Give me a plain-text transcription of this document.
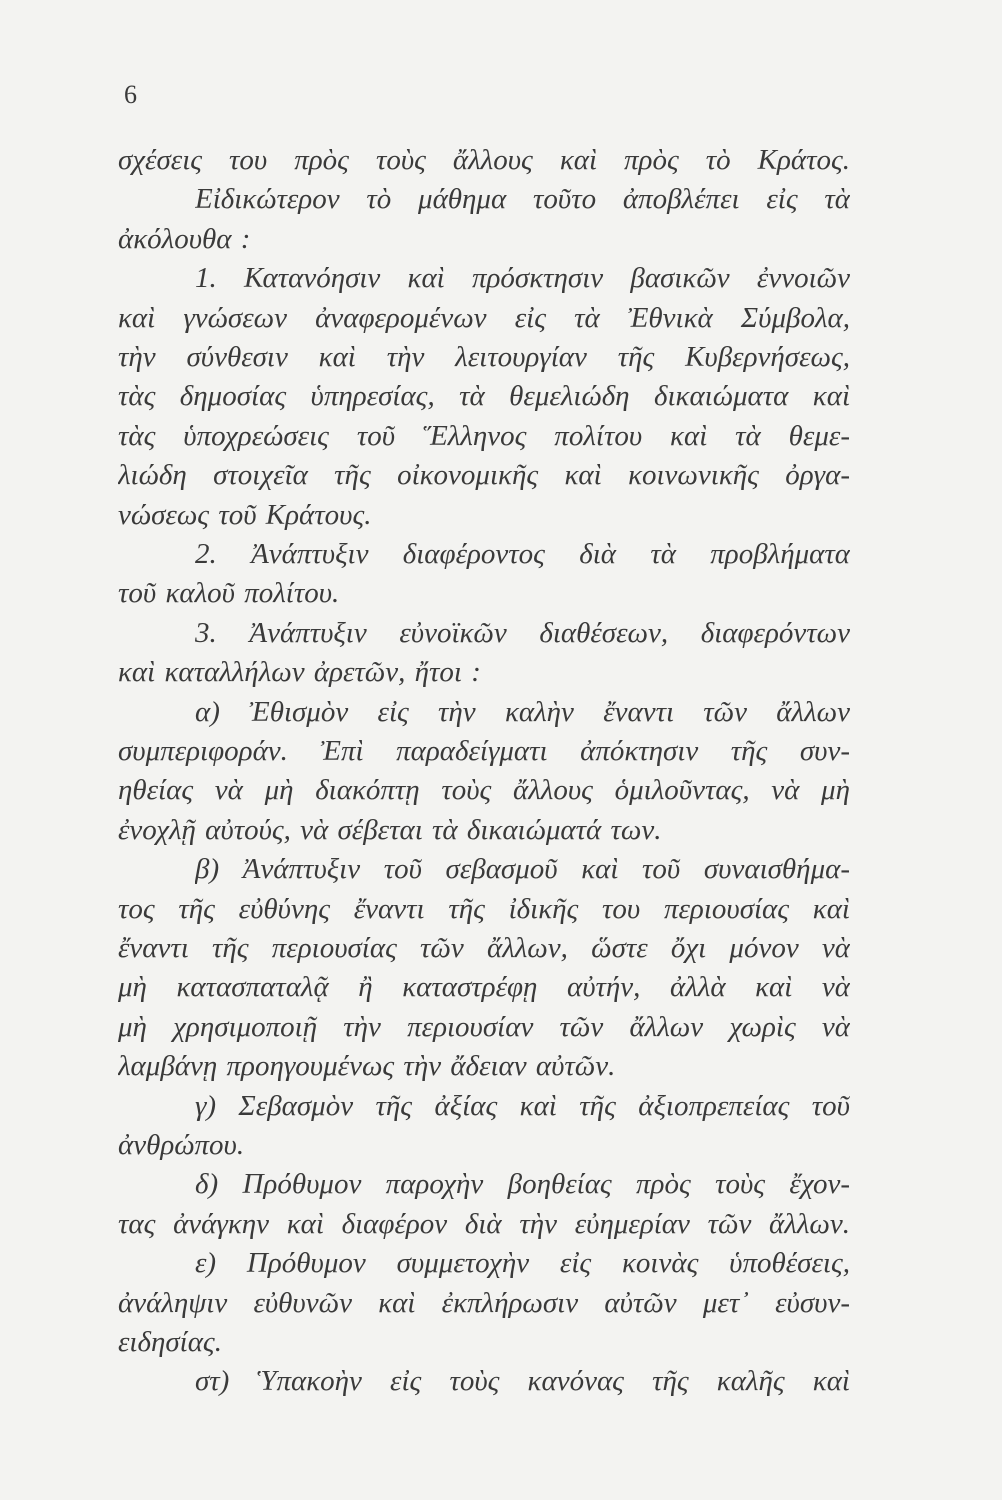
6
σχέσεις του πρὸς τοὺς ἄλλους καὶ πρὸς τὸ Κράτος.
Εἰδικώτερον τὸ μάθημα τοῦτο ἀποβλέπει εἰς τὰ
ἀκόλουθα :
1. Κατανόησιν καὶ πρόσκτησιν βασικῶν ἐννοιῶν
καὶ γνώσεων ἀναφερομένων εἰς τὰ Ἐθνικὰ Σύμβολα,
τὴν σύνθεσιν καὶ τὴν λειτουργίαν τῆς Κυβερνήσεως,
τὰς δημοσίας ὑπηρεσίας, τὰ θεμελιώδη δικαιώματα καὶ
τὰς ὑποχρεώσεις τοῦ Ἕλληνος πολίτου καὶ τὰ θεμε-
λιώδη στοιχεῖα τῆς οἰκονομικῆς καὶ κοινωνικῆς ὀργα-
νώσεως τοῦ Κράτους.
2. Ἀνάπτυξιν διαφέροντος διὰ τὰ προβλήματα
τοῦ καλοῦ πολίτου.
3. Ἀνάπτυξιν εὐνοϊκῶν διαθέσεων, διαφερόντων
καὶ καταλλήλων ἀρετῶν, ἤτοι :
α) Ἐθισμὸν εἰς τὴν καλὴν ἔναντι τῶν ἄλλων
συμπεριφοράν. Ἐπὶ παραδείγματι ἀπόκτησιν τῆς συν-
ηθείας νὰ μὴ διακόπτῃ τοὺς ἄλλους ὁμιλοῦντας, νὰ μὴ
ἐνοχλῇ αὐτούς, νὰ σέβεται τὰ δικαιώματά των.
β) Ἀνάπτυξιν τοῦ σεβασμοῦ καὶ τοῦ συναισθήμα-
τος τῆς εὐθύνης ἔναντι τῆς ἰδικῆς του περιουσίας καὶ
ἔναντι τῆς περιουσίας τῶν ἄλλων, ὥστε ὄχι μόνον νὰ
μὴ κατασπαταλᾷ ἢ καταστρέφῃ αὐτήν, ἀλλὰ καὶ νὰ
μὴ χρησιμοποιῇ τὴν περιουσίαν τῶν ἄλλων χωρὶς νὰ
λαμβάνῃ προηγουμένως τὴν ἄδειαν αὐτῶν.
γ) Σεβασμὸν τῆς ἀξίας καὶ τῆς ἀξιοπρεπείας τοῦ
ἀνθρώπου.
δ) Πρόθυμον παροχὴν βοηθείας πρὸς τοὺς ἔχον-
τας ἀνάγκην καὶ διαφέρον διὰ τὴν εὐημερίαν τῶν ἄλλων.
ε) Πρόθυμον συμμετοχὴν εἰς κοινὰς ὑποθέσεις,
ἀνάληψιν εὐθυνῶν καὶ ἐκπλήρωσιν αὐτῶν μετ᾽ εὐσυν-
ειδησίας.
στ) Ὑπακοὴν εἰς τοὺς κανόνας τῆς καλῆς καὶ
